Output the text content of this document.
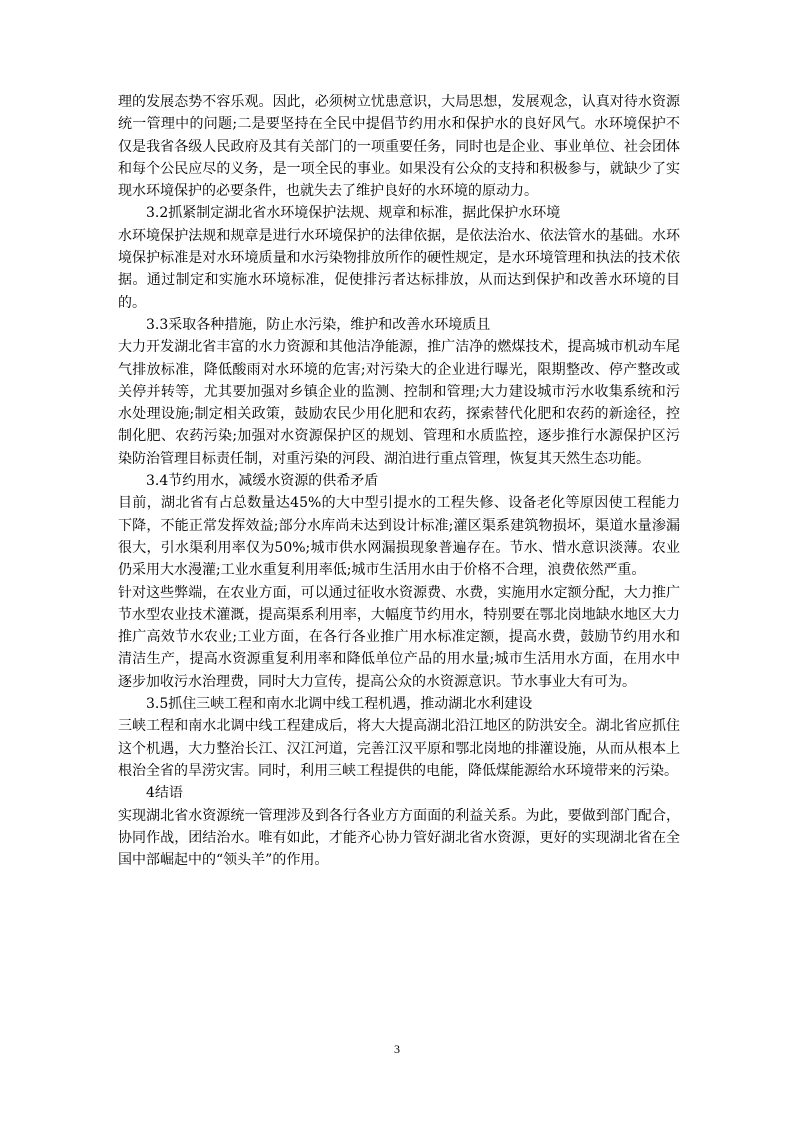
理的发展态势不容乐观。因此，必须树立忧患意识，大局思想，发展观念，认真对待水资源统一管理中的问题;二是要坚持在全民中提倡节约用水和保护水的良好风气。水环境保护不仅是我省各级人民政府及其有关部门的一项重要任务，同时也是企业、事业单位、社会团体和每个公民应尽的义务，是一项全民的事业。如果没有公众的支持和积极参与，就缺少了实现水环境保护的必要条件，也就失去了维护良好的水环境的原动力。

3.2抓紧制定湖北省水环境保护法规、规章和标准，据此保护水环境

水环境保护法规和规章是进行水环境保护的法律依据，是依法治水、依法管水的基础。水环境保护标准是对水环境质量和水污染物排放所作的硬性规定，是水环境管理和执法的技术依据。通过制定和实施水环境标准，促使排污者达标排放，从而达到保护和改善水环境的目的。

3.3采取各种措施，防止水污染，维护和改善水环境质且

大力开发湖北省丰富的水力资源和其他洁净能源，推广洁净的燃煤技术，提高城市机动车尾气排放标准，降低酸雨对水环境的危害;对污染大的企业进行曝光，限期整改、停产整改或关停并转等，尤其要加强对乡镇企业的监测、控制和管理;大力建设城市污水收集系统和污水处理设施;制定相关政策，鼓励农民少用化肥和农药，探索替代化肥和农药的新途径，控制化肥、农药污染;加强对水资源保护区的规划、管理和水质监控，逐步推行水源保护区污染防治管理目标责任制，对重污染的河段、湖泊进行重点管理，恢复其天然生态功能。

3.4节约用水，减缓水资源的供希矛盾

目前，湖北省有占总数量达45%的大中型引提水的工程失修、设备老化等原因使工程能力下降，不能正常发挥效益;部分水库尚未达到设计标准;灌区渠系建筑物损坏，渠道水量渗漏很大，引水渠利用率仅为50%;城市供水网漏损现象普遍存在。节水、惜水意识淡薄。农业仍采用大水漫灌;工业水重复利用率低;城市生活用水由于价格不合理，浪费依然严重。

针对这些弊端，在农业方面，可以通过征收水资源费、水费，实施用水定额分配，大力推广节水型农业技术灌溉，提高渠系利用率，大幅度节约用水，特别要在鄂北岗地缺水地区大力推广高效节水农业;工业方面，在各行各业推广用水标准定额，提高水费，鼓励节约用水和清洁生产，提高水资源重复利用率和降低单位产品的用水量;城市生活用水方面，在用水中逐步加收污水治理费，同时大力宣传，提高公众的水资源意识。节水事业大有可为。

3.5抓住三峡工程和南水北调中线工程机遇，推动湖北水利建设

三峡工程和南水北调中线工程建成后，将大大提高湖北沿江地区的防洪安全。湖北省应抓住这个机遇，大力整治长江、汉江河道，完善江汉平原和鄂北岗地的排灌设施，从而从根本上根治全省的旱涝灾害。同时，利用三峡工程提供的电能，降低煤能源给水环境带来的污染。

4结语

实现湖北省水资源统一管理涉及到各行各业方方面面的利益关系。为此，要做到部门配合，协同作战，团结治水。唯有如此，才能齐心协力管好湖北省水资源，更好的实现湖北省在全国中部崛起中的“领头羊”的作用。

3
